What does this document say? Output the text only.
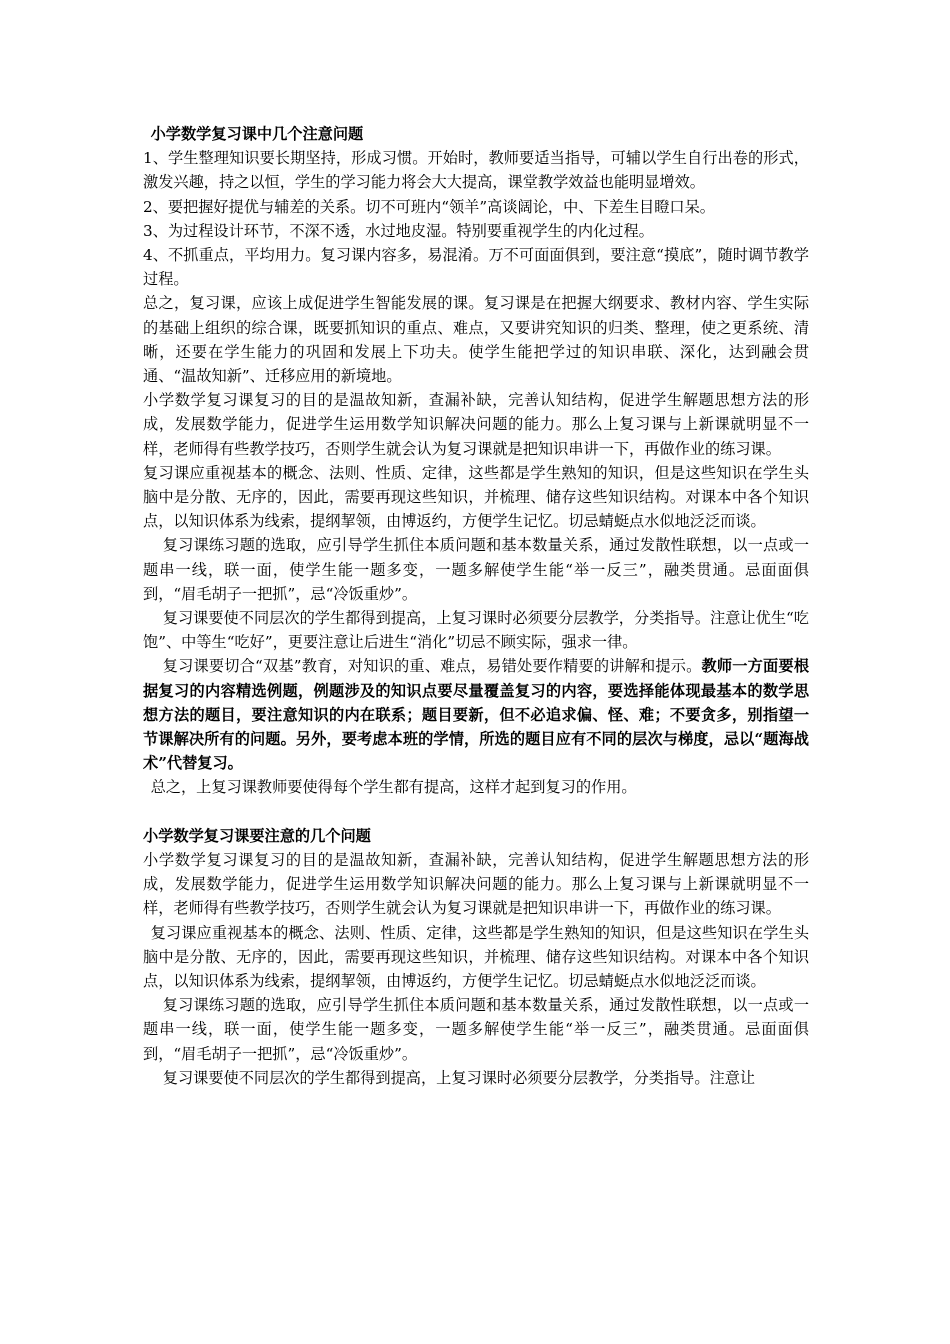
小学数学复习课中几个注意问题

1、学生整理知识要长期坚持，形成习惯。开始时，教师要适当指导，可辅以学生自行出卷的形式，激发兴趣，持之以恒，学生的学习能力将会大大提高，课堂教学效益也能明显增效。

2、要把握好提优与辅差的关系。切不可班内“领羊”高谈阔论，中、下差生目瞪口呆。

3、为过程设计环节，不深不透，水过地皮湿。特别要重视学生的内化过程。

4、不抓重点，平均用力。复习课内容多，易混淆。万不可面面俱到，要注意“摸底”，随时调节教学过程。

总之，复习课，应该上成促进学生智能发展的课。复习课是在把握大纲要求、教材内容、学生实际的基础上组织的综合课，既要抓知识的重点、难点，又要讲究知识的归类、整理，使之更系统、清晰，还要在学生能力的巩固和发展上下功夫。使学生能把学过的知识串联、深化，达到融会贯通、“温故知新”、迁移应用的新境地。

小学数学复习课复习的目的是温故知新，查漏补缺，完善认知结构，促进学生解题思想方法的形成，发展数学能力，促进学生运用数学知识解决问题的能力。那么上复习课与上新课就明显不一样，老师得有些教学技巧，否则学生就会认为复习课就是把知识串讲一下，再做作业的练习课。

复习课应重视基本的概念、法则、性质、定律，这些都是学生熟知的知识，但是这些知识在学生头脑中是分散、无序的，因此，需要再现这些知识，并梳理、储存这些知识结构。对课本中各个知识点，以知识体系为线索，提纲挈领，由博返约，方便学生记忆。切忌蜻蜓点水似地泛泛而谈。

复习课练习题的选取，应引导学生抓住本质问题和基本数量关系，通过发散性联想，以一点或一题串一线，联一面，使学生能一题多变，一题多解使学生能“举一反三”，融类贯通。忌面面俱到，“眉毛胡子一把抓”，忌“冷饭重炒”。

复习课要使不同层次的学生都得到提高，上复习课时必须要分层教学，分类指导。注意让优生“吃饱”、中等生“吃好”，更要注意让后进生“消化”切忌不顾实际，强求一律。

复习课要切合“双基”教育，对知识的重、难点，易错处要作精要的讲解和提示。教师一方面要根据复习的内容精选例题，例题涉及的知识点要尽量覆盖复习的内容，要选择能体现最基本的数学思想方法的题目，要注意知识的内在联系；题目要新，但不必追求偏、怪、难；不要贪多，别指望一节课解决所有的问题。另外，要考虑本班的学情，所选的题目应有不同的层次与梯度，忌以“题海战术”代替复习。

总之，上复习课教师要使得每个学生都有提高，这样才起到复习的作用。

小学数学复习课要注意的几个问题

小学数学复习课复习的目的是温故知新，查漏补缺，完善认知结构，促进学生解题思想方法的形成，发展数学能力，促进学生运用数学知识解决问题的能力。那么上复习课与上新课就明显不一样，老师得有些教学技巧，否则学生就会认为复习课就是把知识串讲一下，再做作业的练习课。

复习课应重视基本的概念、法则、性质、定律，这些都是学生熟知的知识，但是这些知识在学生头脑中是分散、无序的，因此，需要再现这些知识，并梳理、储存这些知识结构。对课本中各个知识点，以知识体系为线索，提纲挈领，由博返约，方便学生记忆。切忌蜻蜓点水似地泛泛而谈。

复习课练习题的选取，应引导学生抓住本质问题和基本数量关系，通过发散性联想，以一点或一题串一线，联一面，使学生能一题多变，一题多解使学生能“举一反三”，融类贯通。忌面面俱到，“眉毛胡子一把抓”，忌“冷饭重炒”。

复习课要使不同层次的学生都得到提高，上复习课时必须要分层教学，分类指导。注意让
